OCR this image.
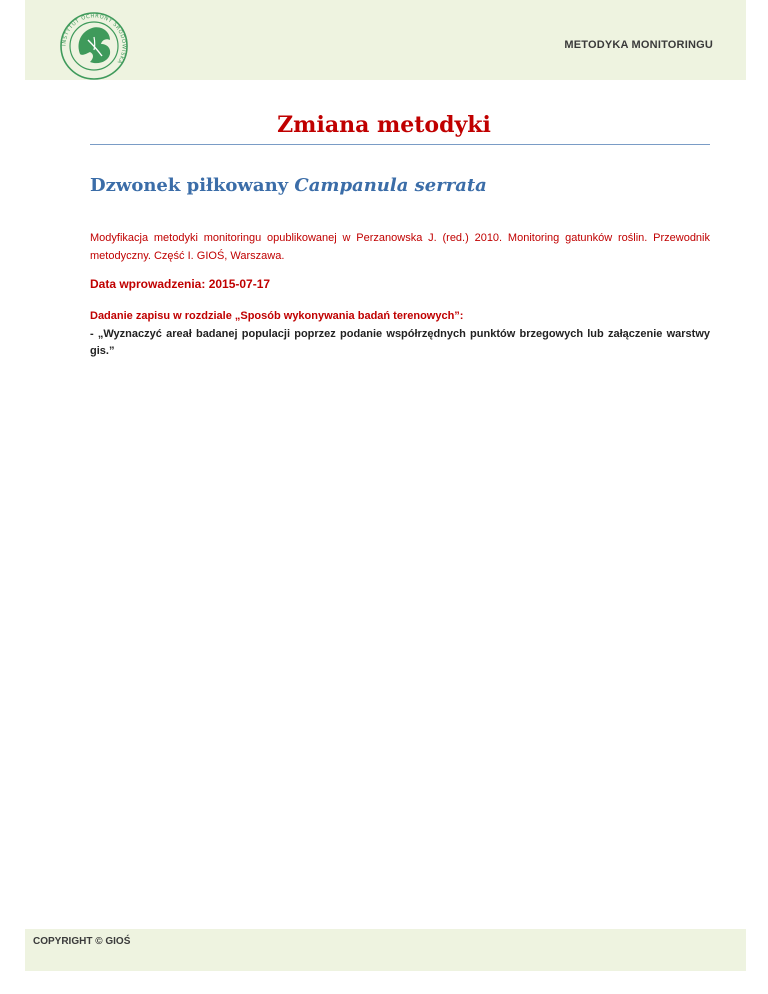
INSTYTUT OCHRONY ŚRODOWISKA
METODYKA MONITORINGU
Zmiana metodyki
Dzwonek piłkowany Campanula serrata
Modyfikacja metodyki monitoringu opublikowanej w Perzanowska J. (red.) 2010. Monitoring gatunków roślin. Przewodnik metodyczny. Część I. GIOŚ, Warszawa.
Data wprowadzenia: 2015-07-17
Dadanie zapisu w rozdziale „Sposób wykonywania badań terenowych”:
- „Wyznaczyć areał badanej populacji poprzez podanie współrzędnych punktów brzegowych lub załączenie warstwy gis.”
COPYRIGHT © GIOŚ
